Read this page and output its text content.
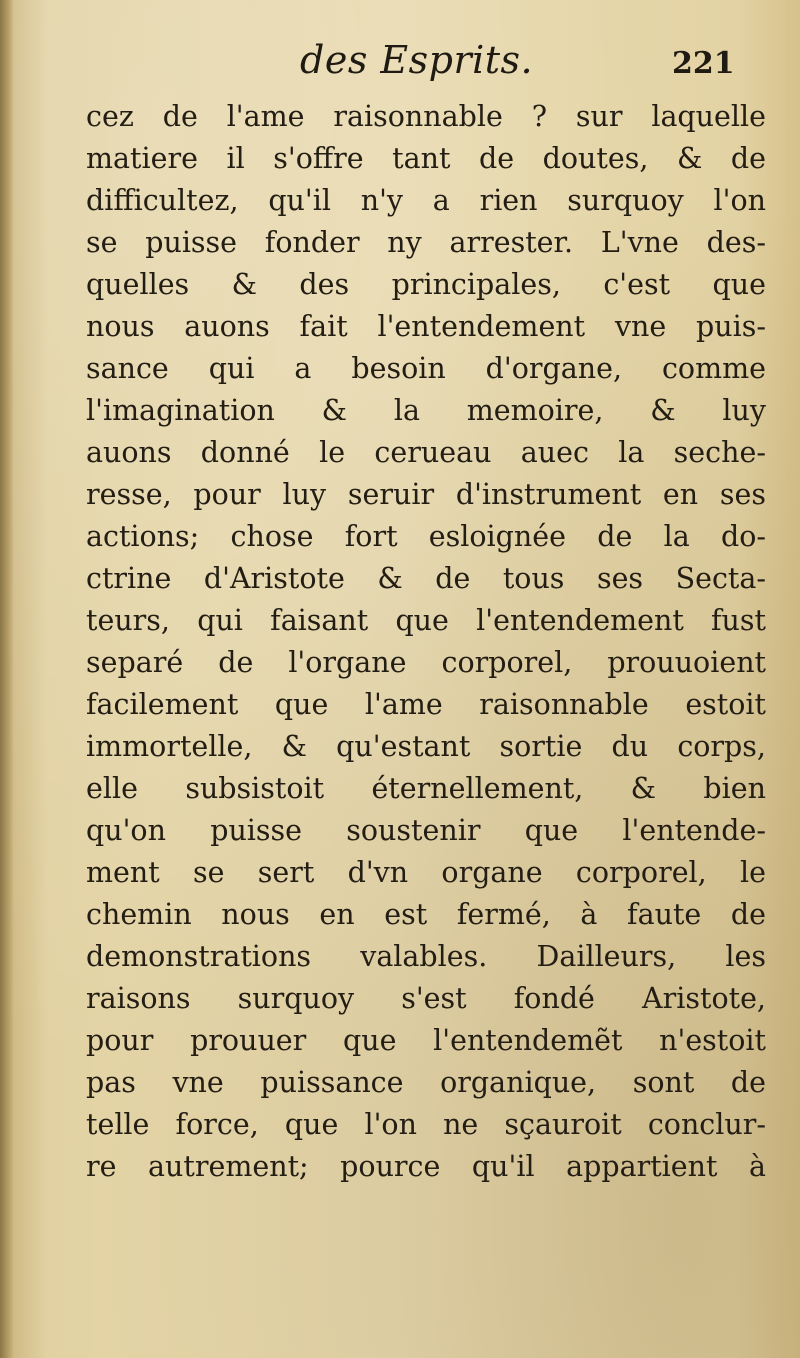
des Esprits.	221
cez de l'ame raisonnable ? sur laquelle
matiere il s'offre tant de doutes, & de
difficultez, qu'il n'y a rien surquoy l'on
se puisse fonder ny arrester. L'vne des-
quelles & des principales, c'est que
nous auons fait l'entendement vne puis-
sance qui a besoin d'organe, comme
l'imagination & la memoire, & luy
auons donné le cerueau auec la seche-
resse, pour luy seruir d'instrument en ses
actions; chose fort esloignée de la do-
ctrine d'Aristote & de tous ses Secta-
teurs, qui faisant que l'entendement fust
separé de l'organe corporel, prouuoient
facilement que l'ame raisonnable estoit
immortelle, & qu'estant sortie du corps,
elle subsistoit éternellement, & bien
qu'on puisse soustenir que l'entende-
ment se sert d'vn organe corporel, le
chemin nous en est fermé, à faute de
demonstrations valables. Dailleurs, les
raisons surquoy s'est fondé Aristote,
pour prouuer que l'entendemẽt n'estoit
pas vne puissance organique, sont de
telle force, que l'on ne sçauroit conclur-
re autrement; pource qu'il appartient à
